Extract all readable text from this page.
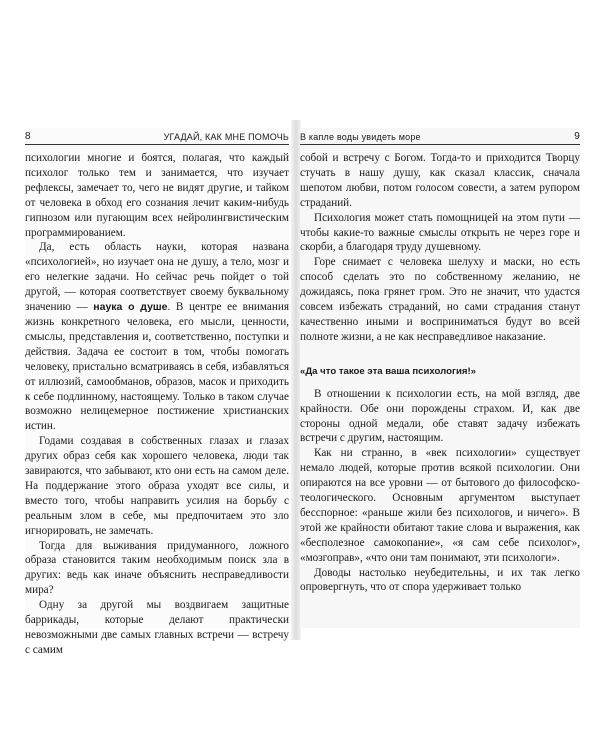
8	УГАДАЙ, КАК МНЕ ПОМОЧЬ

психологии многие и боятся, полагая, что каждый психолог только тем и занимается, что изучает рефлексы, замечает то, чего не видят другие, и тайком от человека в обход его сознания лечит каким-нибудь гипнозом или пугающим всех нейролингвистическим программированием.

Да, есть область науки, которая названа «психологией», но изучает она не душу, а тело, мозг и его нелегкие задачи. Но сейчас речь пойдет о той другой, — которая соответствует своему буквальному значению — наука о душе. В центре ее внимания жизнь конкретного человека, его мысли, ценности, смыслы, представления и, соответственно, поступки и действия. Задача ее состоит в том, чтобы помогать человеку, пристально всматриваясь в себя, избавляться от иллюзий, самообманов, образов, масок и приходить к себе подлинному, настоящему. Только в таком случае возможно нелицемерное постижение христианских истин.

Годами создавая в собственных глазах и глазах других образ себя как хорошего человека, люди так завираются, что забывают, кто они есть на самом деле. На поддержание этого образа уходят все силы, и вместо того, чтобы направить усилия на борьбу с реальным злом в себе, мы предпочитаем это зло игнорировать, не замечать.

Тогда для выживания придуманного, ложного образа становится таким необходимым поиск зла в других: ведь как иначе объяснить несправедливости мира?

Одну за другой мы воздвигаем защитные баррикады, которые делают практически невозможными две самых главных встречи — встречу с самим

В капле воды увидеть море	9

собой и встречу с Богом. Тогда-то и приходится Творцу стучать в нашу душу, как сказал классик, сначала шепотом любви, потом голосом совести, а затем рупором страданий.

Психология может стать помощницей на этом пути — чтобы какие-то важные смыслы открыть не через горе и скорби, а благодаря труду душевному.

Горе снимает с человека шелуху и маски, но есть способ сделать это по собственному желанию, не дожидаясь, пока грянет гром. Это не значит, что удастся совсем избежать страданий, но сами страдания станут качественно иными и восприниматься будут во всей полноте жизни, а не как несправедливое наказание.

«Да что такое эта ваша психология!»

В отношении к психологии есть, на мой взгляд, две крайности. Обе они порождены страхом. И, как две стороны одной медали, обе ставят задачу избежать встречи с другим, настоящим.

Как ни странно, в «век психологии» существует немало людей, которые против всякой психологии. Они опираются на все уровни — от бытового до философско-теологического. Основным аргументом выступает бесспорное: «раньше жили без психологов, и ничего». В этой же крайности обитают такие слова и выражения, как «бесполезное самокопание», «я сам себе психолог», «мозгоправ», «что они там понимают, эти психологи».

Доводы настолько неубедительны, и их так легко опровергнуть, что от спора удерживает только
